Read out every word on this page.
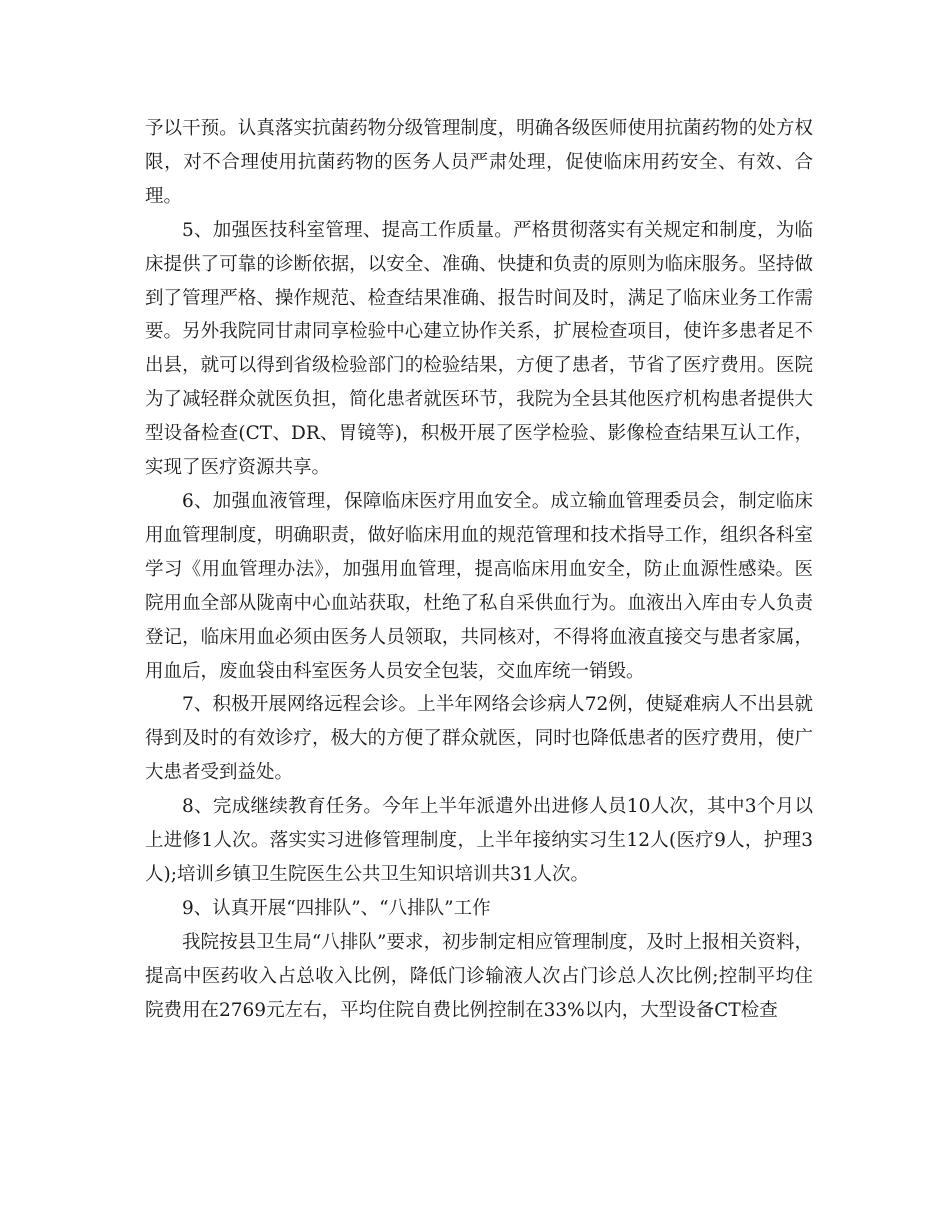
予以干预。认真落实抗菌药物分级管理制度，明确各级医师使用抗菌药物的处方权限，对不合理使用抗菌药物的医务人员严肃处理，促使临床用药安全、有效、合理。

5、加强医技科室管理、提高工作质量。严格贯彻落实有关规定和制度，为临床提供了可靠的诊断依据，以安全、准确、快捷和负责的原则为临床服务。坚持做到了管理严格、操作规范、检查结果准确、报告时间及时，满足了临床业务工作需要。另外我院同甘肃同享检验中心建立协作关系，扩展检查项目，使许多患者足不出县，就可以得到省级检验部门的检验结果，方便了患者，节省了医疗费用。医院为了减轻群众就医负担，简化患者就医环节，我院为全县其他医疗机构患者提供大型设备检查(CT、DR、胃镜等)，积极开展了医学检验、影像检查结果互认工作，实现了医疗资源共享。

6、加强血液管理，保障临床医疗用血安全。成立输血管理委员会，制定临床用血管理制度，明确职责，做好临床用血的规范管理和技术指导工作，组织各科室学习《用血管理办法》，加强用血管理，提高临床用血安全，防止血源性感染。医院用血全部从陇南中心血站获取，杜绝了私自采供血行为。血液出入库由专人负责登记，临床用血必须由医务人员领取，共同核对，不得将血液直接交与患者家属，用血后，废血袋由科室医务人员安全包装，交血库统一销毁。

7、积极开展网络远程会诊。上半年网络会诊病人72例，使疑难病人不出县就得到及时的有效诊疗，极大的方便了群众就医，同时也降低患者的医疗费用，使广大患者受到益处。

8、完成继续教育任务。今年上半年派遣外出进修人员10人次，其中3个月以上进修1人次。落实实习进修管理制度，上半年接纳实习生12人(医疗9人，护理3人);培训乡镇卫生院医生公共卫生知识培训共31人次。

9、认真开展“四排队”、“八排队”工作

我院按县卫生局“八排队”要求，初步制定相应管理制度，及时上报相关资料，提高中医药收入占总收入比例，降低门诊输液人次占门诊总人次比例;控制平均住院费用在2769元左右，平均住院自费比例控制在33%以内，大型设备CT检查
